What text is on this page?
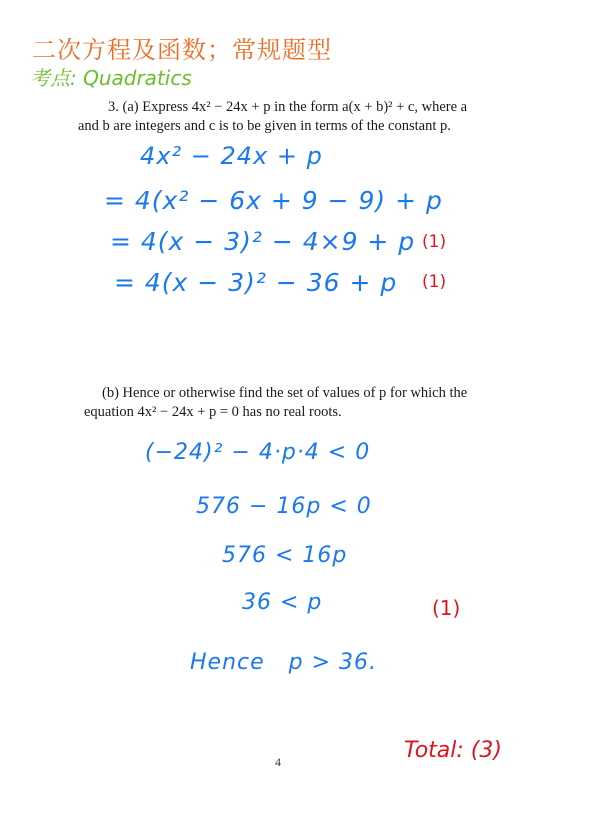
二次方程及函数；常规题型
考点: Quadratics
3. (a) Express 4x² − 24x + p in the form a(x + b)² + c, where a
and b are integers and c is to be given in terms of the constant p.
4x² − 24x + p
= 4(x² − 6x + 9 − 9) + p
= 4(x − 3)² − 4×9 + p (1)
= 4(x − 3)² − 36 + p (1)
(b) Hence or otherwise find the set of values of p for which the
equation 4x² − 24x + p = 0 has no real roots.
(−24)² − 4·p·4 < 0
576 − 16p < 0
576 < 16p
36 < p	(1)
Hence   p > 36.
4	Total: (3)
